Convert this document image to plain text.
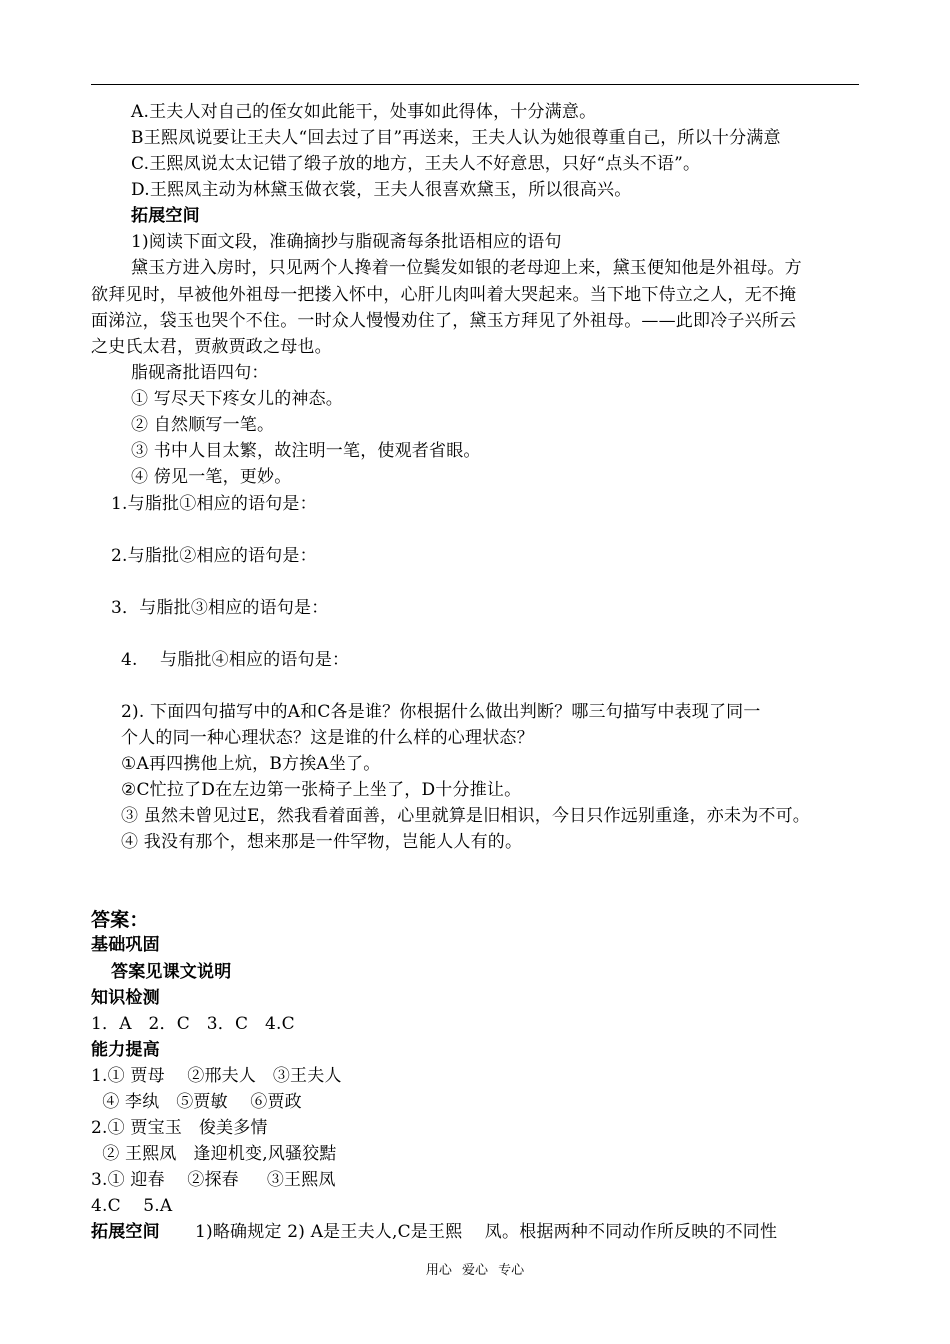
A.王夫人对自己的侄女如此能干，处事如此得体，十分满意。
B王熙凤说要让王夫人“回去过了目”再送来，王夫人认为她很尊重自己，所以十分满意
C.王熙凤说太太记错了缎子放的地方，王夫人不好意思，只好“点头不语”。
D.王熙凤主动为林黛玉做衣裳，王夫人很喜欢黛玉，所以很高兴。
拓展空间
1)阅读下面文段，准确摘抄与脂砚斋每条批语相应的语句
黛玉方进入房时，只见两个人搀着一位鬓发如银的老母迎上来，黛玉便知他是外祖母。方
欲拜见时，早被他外祖母一把搂入怀中，心肝儿肉叫着大哭起来。当下地下侍立之人，无不掩
面涕泣，袋玉也哭个不住。一时众人慢慢劝住了，黛玉方拜见了外祖母。——此即冷子兴所云
之史氏太君，贾赦贾政之母也。
脂砚斋批语四句：
① 写尽天下疼女儿的神态。
② 自然顺写一笔。
③ 书中人目太繁，故注明一笔，使观者省眼。
④ 傍见一笔，更妙。
1.与脂批①相应的语句是：
2.与脂批②相应的语句是：
3．与脂批③相应的语句是：
4.    与脂批④相应的语句是：
2). 下面四句描写中的A和C各是谁？你根据什么做出判断？哪三句描写中表现了同一
个人的同一种心理状态？这是谁的什么样的心理状态？
①A再四携他上炕，B方挨A坐了。
②C忙拉了D在左边第一张椅子上坐了，D十分推让。
③ 虽然未曾见过E，然我看着面善，心里就算是旧相识，今日只作远别重逢，亦未为不可。
④ 我没有那个，想来那是一件罕物，岂能人人有的。
答案：
基础巩固
答案见课文说明
知识检测
1．A   2．C   3．C   4.C
能力提高
1.① 贾母    ②邢夫人   ③王夫人
④ 李纨   ⑤贾敏    ⑥贾政
2.① 贾宝玉   俊美多情
② 王熙凤   逢迎机变,风骚狡黠
3.① 迎春    ②探春     ③王熙凤
4.C    5.A
拓展空间 1)略确规定 2) A是王夫人,C是王熙    凤。根据两种不同动作所反映的不同性
用心 爱心 专心
